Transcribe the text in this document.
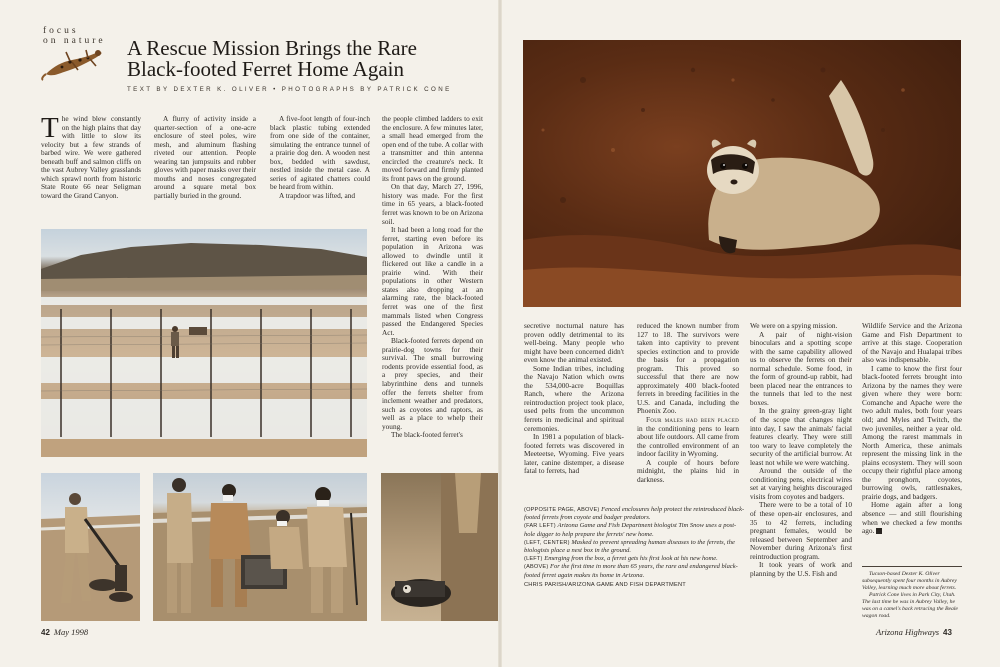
focus
on nature A Rescue Mission Brings the Rare
Black-footed Ferret Home Again
TEXT BY DEXTER K. OLIVER • PHOTOGRAPHS BY PATRICK CONE

The wind blew constantly on the high plains that day with little to slow its velocity but a few strands of barbed wire. We were gathered beneath buff and salmon cliffs on the vast Aubrey Valley grasslands which sprawl north from historic State Route 66 near Seligman toward the Grand Canyon.

A flurry of activity inside a quarter-section of a one-acre enclosure of steel poles, wire mesh, and aluminum flashing riveted our attention. People wearing tan jumpsuits and rubber gloves with paper masks over their mouths and noses congregated around a square metal box partially buried in the ground.

A five-foot length of four-inch black plastic tubing extended from one side of the container, simulating the entrance tunnel of a prairie dog den. A wooden nest box, bedded with sawdust, nestled inside the metal case. A series of agitated chatters could be heard from within.

A trapdoor was lifted, and

the people climbed ladders to exit the enclosure. A few minutes later, a small head emerged from the open end of the tube. A collar with a transmitter and thin antenna encircled the creature's neck. It moved forward and firmly planted its front paws on the ground.

On that day, March 27, 1996, history was made. For the first time in 65 years, a black-footed ferret was known to be on Arizona soil.

It had been a long road for the ferret, starting even before its population in Arizona was allowed to dwindle until it flickered out like a candle in a prairie wind. With their populations in other Western states also dropping at an alarming rate, the black-footed ferret was one of the first mammals listed when Congress passed the Endangered Species Act.

Black-footed ferrets depend on prairie-dog towns for their survival. The small burrowing rodents provide essential food, as a prey species, and their labyrinthine dens and tunnels offer the ferrets shelter from inclement weather and predators, such as coyotes and raptors, as well as a place to whelp their young.

The black-footed ferret's

secretive nocturnal nature has proven oddly detrimental to its well-being. Many people who might have been concerned didn't even know the animal existed.

Some Indian tribes, including the Navajo Nation which owns the 534,000-acre Boquillas Ranch, where the Arizona reintroduction project took place, used pelts from the uncommon ferrets in medicinal and spiritual ceremonies.

In 1981 a population of black-footed ferrets was discovered in Meeteetse, Wyoming. Five years later, canine distemper, a disease fatal to ferrets, had

reduced the known number from 127 to 18. The survivors were taken into captivity to prevent species extinction and to provide the basis for a propagation program. This proved so successful that there are now approximately 400 black-footed ferrets in breeding facilities in the U.S. and Canada, including the Phoenix Zoo.

Four males had been placed in the conditioning pens to learn about life outdoors. All came from the controlled environment of an indoor facility in Wyoming.

A couple of hours before midnight, the plains hid in darkness.

We were on a spying mission.

A pair of night-vision binoculars and a spotting scope with the same capability allowed us to observe the ferrets on their normal schedule. Some food, in the form of ground-up rabbit, had been placed near the entrances to the tunnels that led to the nest boxes.

In the grainy green-gray light of the scope that changes night into day, I saw the animals' facial features clearly. They were still too wary to leave completely the security of the artificial burrow. At least not while we were watching.

Around the outside of the conditioning pens, electrical wires set at varying heights discouraged visits from coyotes and badgers.

There were to be a total of 10 of these open-air enclosures, and 35 to 42 ferrets, including pregnant females, would be released between September and November during Arizona's first reintroduction program.

It took years of work and planning by the U.S. Fish and

Wildlife Service and the Arizona Game and Fish Department to arrive at this stage. Cooperation of the Navajo and Hualapai tribes also was indispensable.

I came to know the first four black-footed ferrets brought into Arizona by the names they were given where they were born: Comanche and Apache were the two adult males, both four years old; and Myles and Twitch, the two juveniles, neither a year old. Among the rarest mammals in North America, these animals represent the missing link in the plains ecosystem. They will soon occupy their rightful place among the pronghorn, coyotes, burrowing owls, rattlesnakes, prairie dogs, and badgers.

Home again after a long absence — and still flourishing when we checked a few months ago.

(OPPOSITE PAGE, ABOVE) Fenced enclosures help protect the reintroduced black-footed ferrets from coyote and badger predators.
(FAR LEFT) Arizona Game and Fish Department biologist Tim Snow uses a post-hole digger to help prepare the ferrets' new home.
(LEFT, CENTER) Masked to prevent spreading human diseases to the ferrets, the biologists place a nest box in the ground.
(LEFT) Emerging from the box, a ferret gets his first look at his new home.
(ABOVE) For the first time in more than 65 years, the rare and endangered black-footed ferret again makes its home in Arizona.
CHRIS PARISH/ARIZONA GAME AND FISH DEPARTMENT

Tucson-based Dexter K. Oliver subsequently spent four months in Aubrey Valley, learning much more about ferrets.

Patrick Cone lives in Park City, Utah. The last time he was in Aubrey Valley, he was on a camel's back retracing the Beale wagon road.

42 May 1998	Arizona Highways 43
